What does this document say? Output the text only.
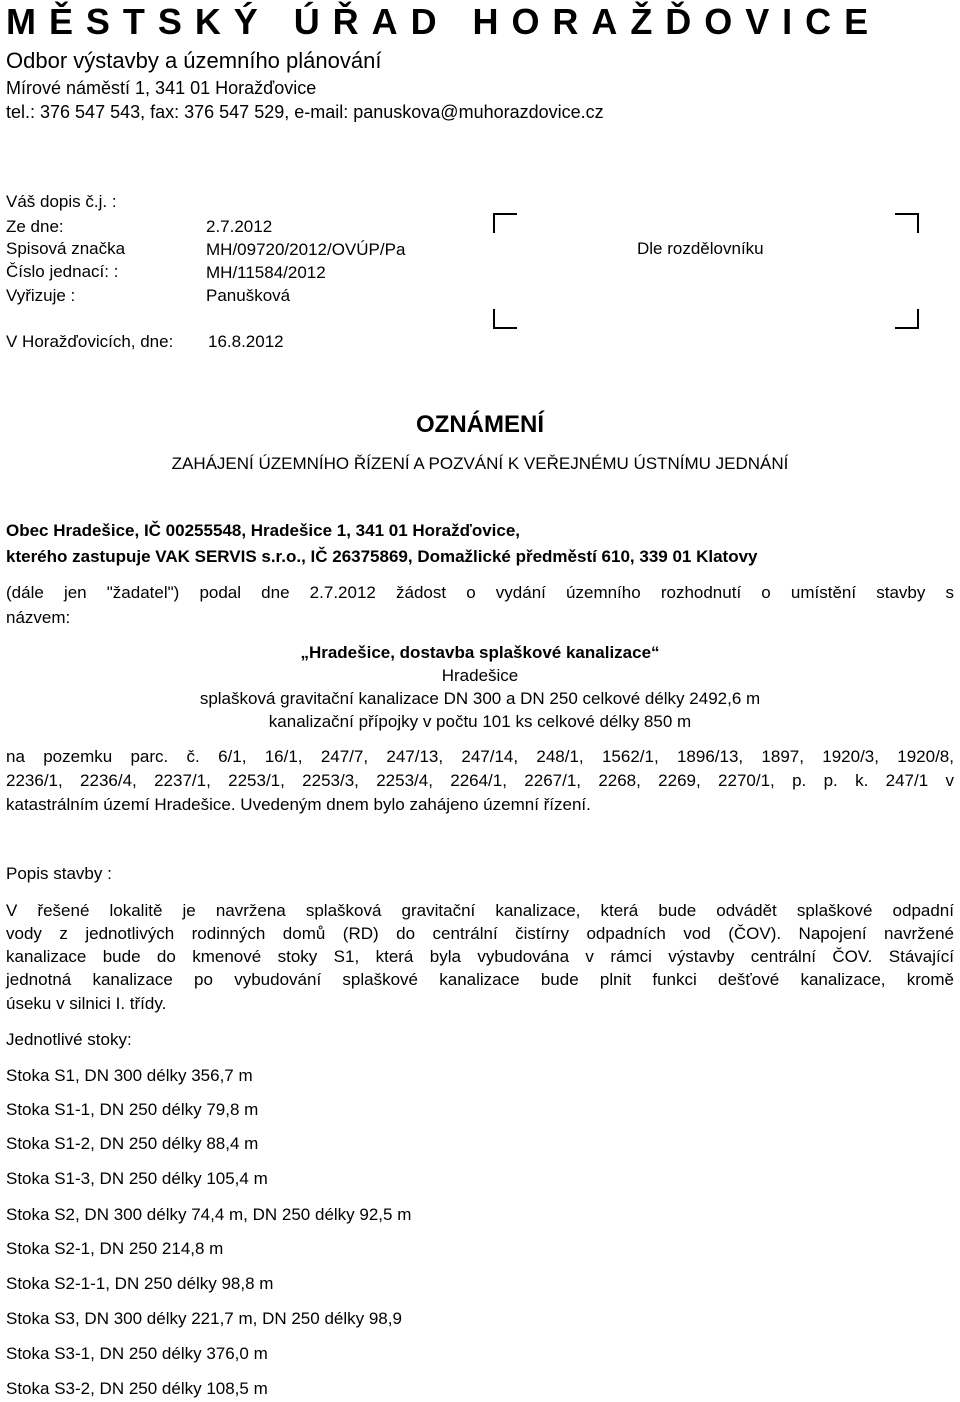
MĚSTSKÝ ÚŘAD HORAŽĎOVICE
Odbor výstavby a územního plánování
Mírové náměstí 1, 341 01 Horažďovice
tel.: 376 547 543, fax: 376 547 529, e-mail: panuskova@muhorazdovice.cz
Váš dopis č.j. :
Ze dne:	2.7.2012
Spisová značka	MH/09720/2012/OVÚP/Pa
Číslo jednací: :	MH/11584/2012
Vyřizuje :	Panušková
V Horažďovicích, dne: 16.8.2012
Dle rozdělovníku
OZNÁMENÍ
ZAHÁJENÍ ÚZEMNÍHO ŘÍZENÍ A POZVÁNÍ K VEŘEJNÉMU ÚSTNÍMU JEDNÁNÍ
Obec Hradešice, IČ 00255548, Hradešice 1, 341 01 Horažďovice,
kterého zastupuje VAK SERVIS s.r.o., IČ 26375869, Domažlické předměstí 610, 339 01 Klatovy
(dále jen "žadatel") podal dne 2.7.2012 žádost o vydání územního rozhodnutí o umístění stavby s
názvem:
„Hradešice, dostavba splaškové kanalizace“
Hradešice
splašková gravitační kanalizace DN 300 a DN 250 celkové délky 2492,6 m
kanalizační přípojky v počtu 101 ks celkové délky 850 m
na pozemku parc. č. 6/1, 16/1, 247/7, 247/13, 247/14, 248/1, 1562/1, 1896/13, 1897, 1920/3, 1920/8,
2236/1, 2236/4, 2237/1, 2253/1, 2253/3, 2253/4, 2264/1, 2267/1, 2268, 2269, 2270/1, p. p. k. 247/1 v
katastrálním území Hradešice. Uvedeným dnem bylo zahájeno územní řízení.
Popis stavby :
V řešené lokalitě je navržena splašková gravitační kanalizace, která bude odvádět splaškové odpadní
vody z jednotlivých rodinných domů (RD) do centrální čistírny odpadních vod (ČOV). Napojení navržené
kanalizace bude do kmenové stoky S1, která byla vybudována v rámci výstavby centrální ČOV. Stávající
jednotná kanalizace po vybudování splaškové kanalizace bude plnit funkci dešťové kanalizace, kromě
úseku v silnici I. třídy.
Jednotlivé stoky:
Stoka S1, DN 300 délky 356,7 m
Stoka S1-1, DN 250 délky 79,8 m
Stoka S1-2, DN 250 délky 88,4 m
Stoka S1-3, DN 250 délky 105,4 m
Stoka S2, DN 300 délky 74,4 m, DN 250 délky 92,5 m
Stoka S2-1, DN 250 214,8 m
Stoka S2-1-1, DN 250 délky 98,8 m
Stoka S3, DN 300 délky 221,7 m, DN 250 délky 98,9
Stoka S3-1, DN 250 délky 376,0 m
Stoka S3-2, DN 250 délky 108,5 m
